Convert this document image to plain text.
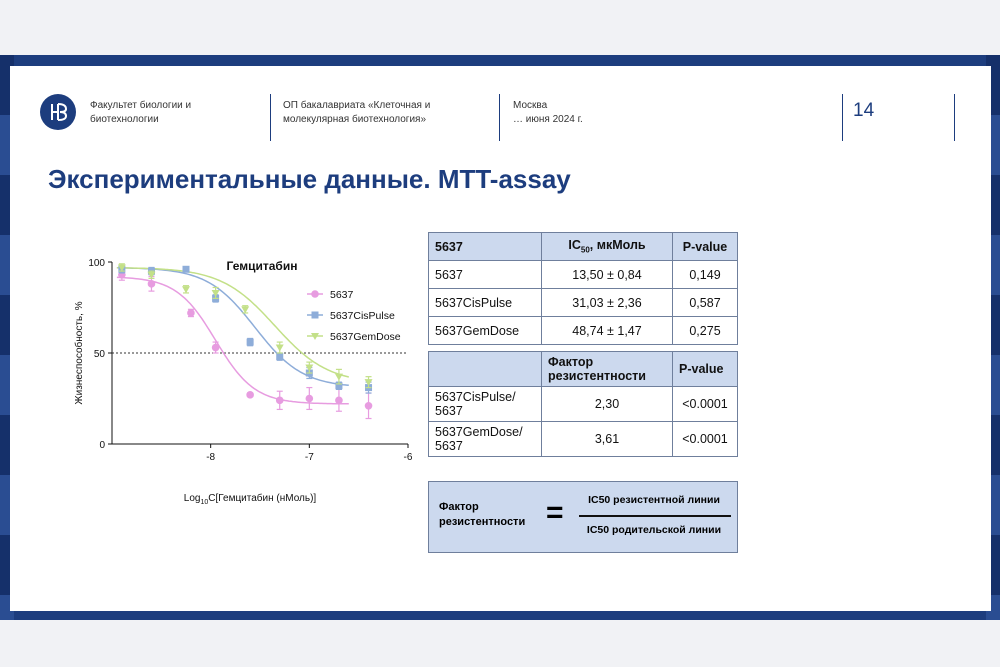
Факультет биологии и
биотехнологии
ОП бакалавриата «Клеточная и
молекулярная биотехнология»
Москва
… июня 2024 г.	14
Экспериментальные данные. MTT-assay
Гемцитабин
0
50
100
-8	-7	-6
5637
5637CisPulse
5637GemDose
Жизнеспособность, %
Log$_{10}$C[Гемцитабин (нМоль)]
5637	$IC_{50}$, мкМоль	P-value
5637	13,50 ± 0,84	0,149
5637CisPulse	31,03 ± 2,36	0,587
5637GemDose	48,74 ± 1,47	0,275
	Фактор резистентности	P-value
5637CisPulse/ 5637	2,30	<0.0001
5637GemDose/ 5637	3,61	<0.0001
Фактор
резистентности =	IC50 резистентной линии
IC50 родительской линии
